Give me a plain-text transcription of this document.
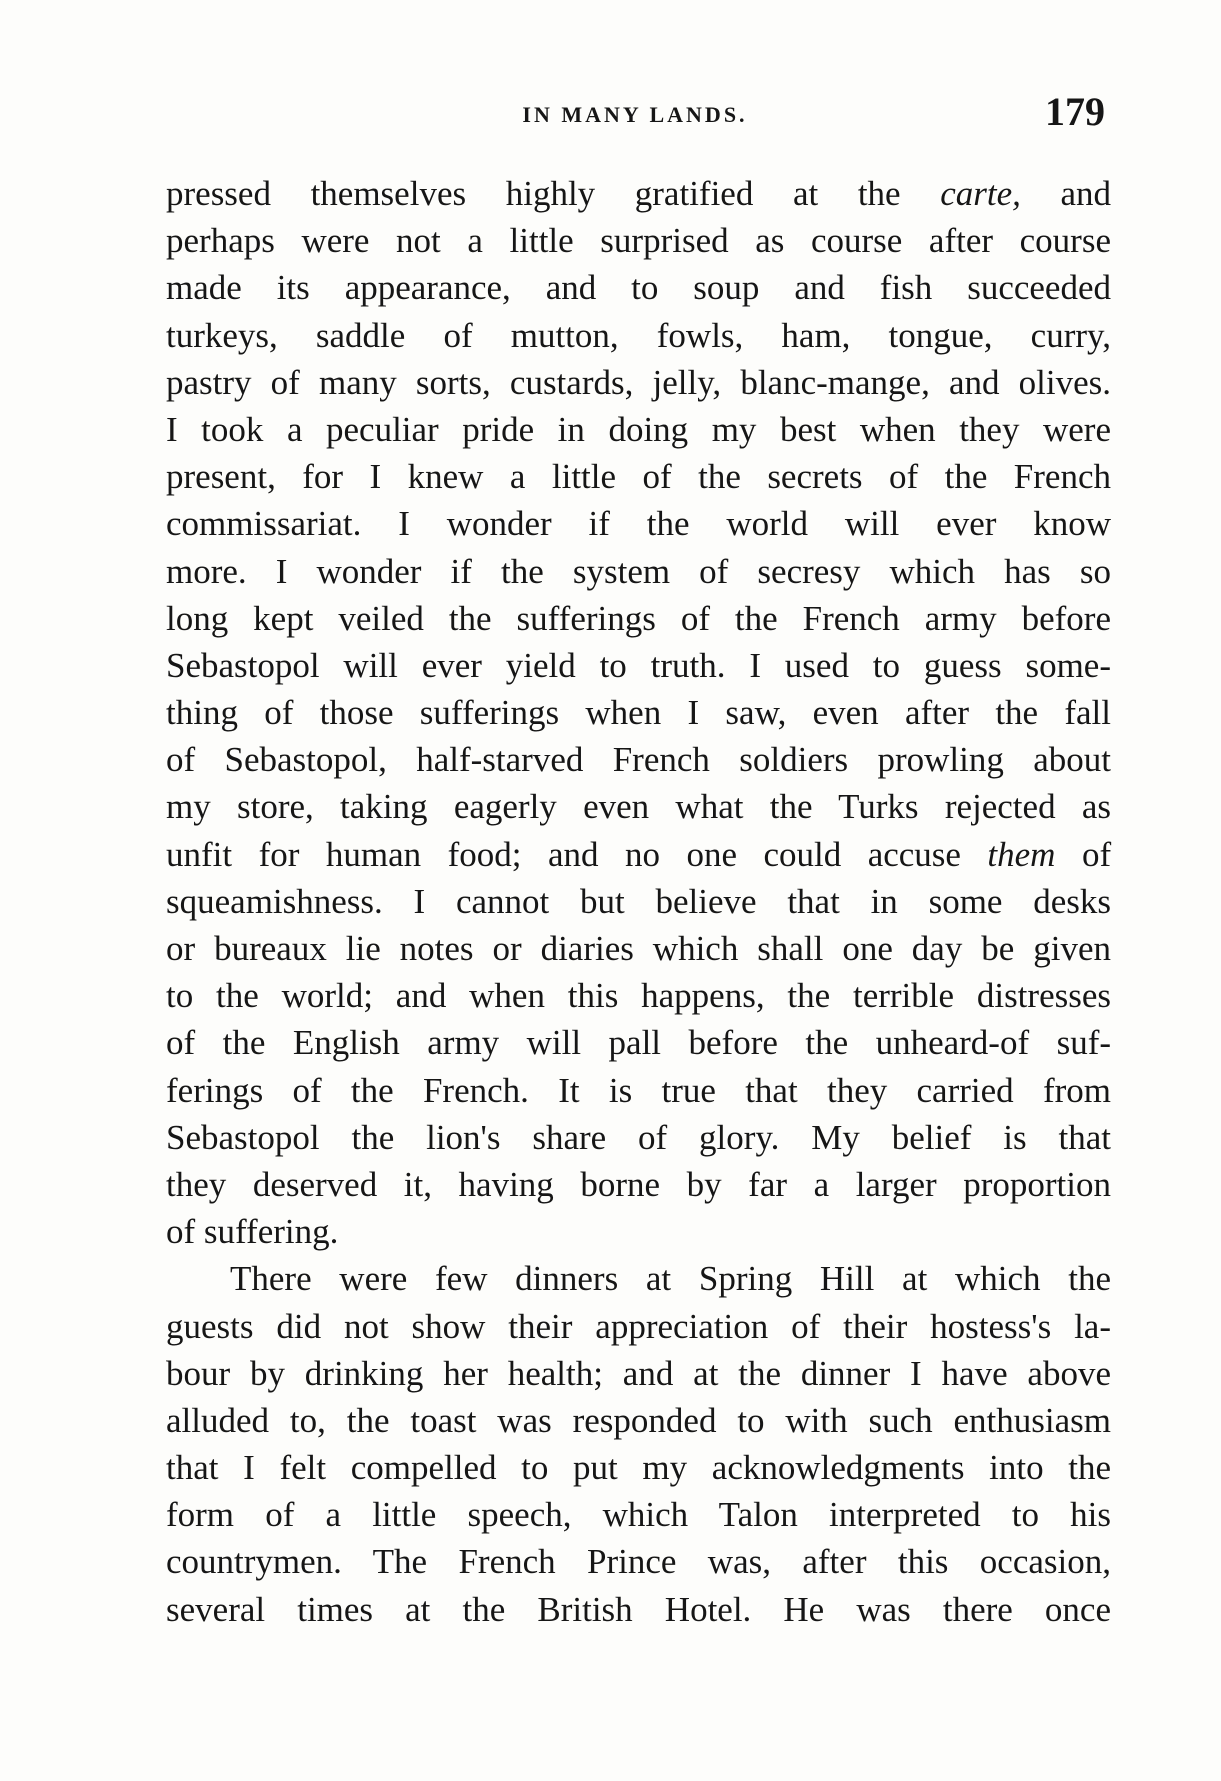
IN MANY LANDS.	179
pressed themselves highly gratified at the carte, and
perhaps were not a little surprised as course after course
made its appearance, and to soup and fish succeeded
turkeys, saddle of mutton, fowls, ham, tongue, curry,
pastry of many sorts, custards, jelly, blanc-mange, and olives.
I took a peculiar pride in doing my best when they were
present, for I knew a little of the secrets of the French
commissariat. I wonder if the world will ever know
more. I wonder if the system of secresy which has so
long kept veiled the sufferings of the French army before
Sebastopol will ever yield to truth. I used to guess some-
thing of those sufferings when I saw, even after the fall
of Sebastopol, half-starved French soldiers prowling about
my store, taking eagerly even what the Turks rejected as
unfit for human food; and no one could accuse them of
squeamishness. I cannot but believe that in some desks
or bureaux lie notes or diaries which shall one day be given
to the world; and when this happens, the terrible distresses
of the English army will pall before the unheard-of suf-
ferings of the French. It is true that they carried from
Sebastopol the lion's share of glory. My belief is that
they deserved it, having borne by far a larger proportion
of suffering.
There were few dinners at Spring Hill at which the
guests did not show their appreciation of their hostess's la-
bour by drinking her health; and at the dinner I have above
alluded to, the toast was responded to with such enthusiasm
that I felt compelled to put my acknowledgments into the
form of a little speech, which Talon interpreted to his
countrymen. The French Prince was, after this occasion,
several times at the British Hotel. He was there once
